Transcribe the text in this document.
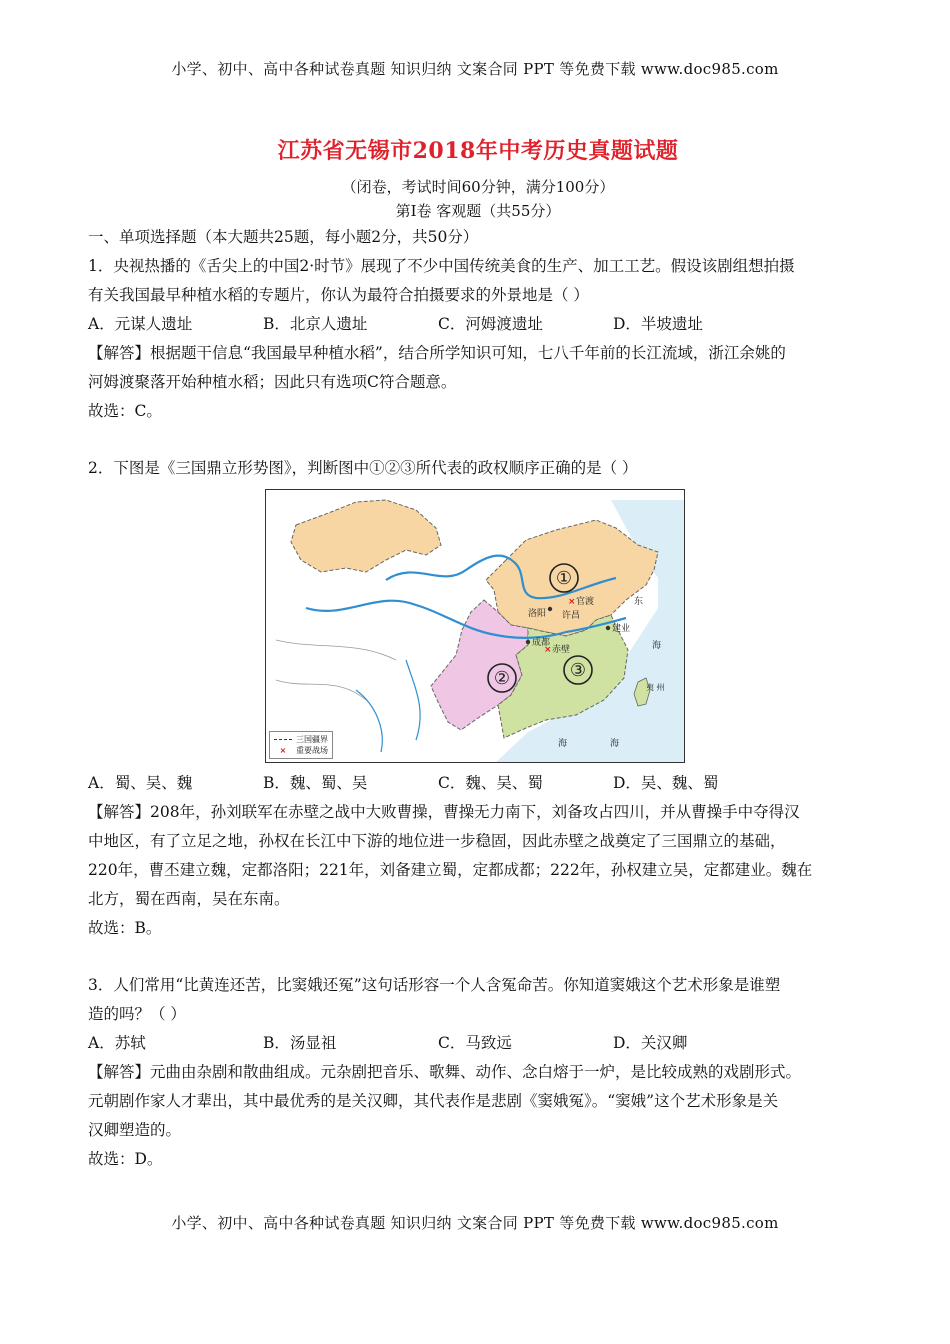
小学、初中、高中各种试卷真题 知识归纳 文案合同 PPT 等免费下载 www.doc985.com
江苏省无锡市2018年中考历史真题试题
（闭卷，考试时间60分钟，满分100分）
第Ⅰ卷 客观题（共55分）
一、单项选择题（本大题共25题，每小题2分，共50分）
1．央视热播的《舌尖上的中国2·时节》展现了不少中国传统美食的生产、加工工艺。假设该剧组想拍摄
有关我国最早种植水稻的专题片，你认为最符合拍摄要求的外景地是（ ）
A．元谋人遗址	B．北京人遗址	C．河姆渡遗址	D．半坡遗址
【解答】根据题干信息“我国最早种植水稻”，结合所学知识可知，七八千年前的长江流域，浙江余姚的
河姆渡聚落开始种植水稻；因此只有选项C符合题意。
故选：C。
2．下图是《三国鼎立形势图》，判断图中①②③所代表的政权顺序正确的是（ ）
①
②	③
× 官渡
洛阳 许昌
成都
建业
× 赤壁
东
海
海	海
夷 州
三国疆界
×	重要战场
A．蜀、吴、魏	B．魏、蜀、吴	C．魏、吴、蜀	D．吴、魏、蜀
【解答】208年，孙刘联军在赤壁之战中大败曹操，曹操无力南下，刘备攻占四川，并从曹操手中夺得汉
中地区，有了立足之地，孙权在长江中下游的地位进一步稳固，因此赤壁之战奠定了三国鼎立的基础，
220年，曹丕建立魏，定都洛阳；221年，刘备建立蜀，定都成都；222年，孙权建立吴，定都建业。魏在
北方，蜀在西南，吴在东南。
故选：B。
3．人们常用“比黄连还苦，比窦娥还冤”这句话形容一个人含冤命苦。你知道窦娥这个艺术形象是谁塑
造的吗？（ ）
A．苏轼	B．汤显祖	C．马致远	D．关汉卿
【解答】元曲由杂剧和散曲组成。元杂剧把音乐、歌舞、动作、念白熔于一炉，是比较成熟的戏剧形式。
元朝剧作家人才辈出，其中最优秀的是关汉卿，其代表作是悲剧《窦娥冤》。“窦娥”这个艺术形象是关
汉卿塑造的。
故选：D。
小学、初中、高中各种试卷真题 知识归纳 文案合同 PPT 等免费下载 www.doc985.com
